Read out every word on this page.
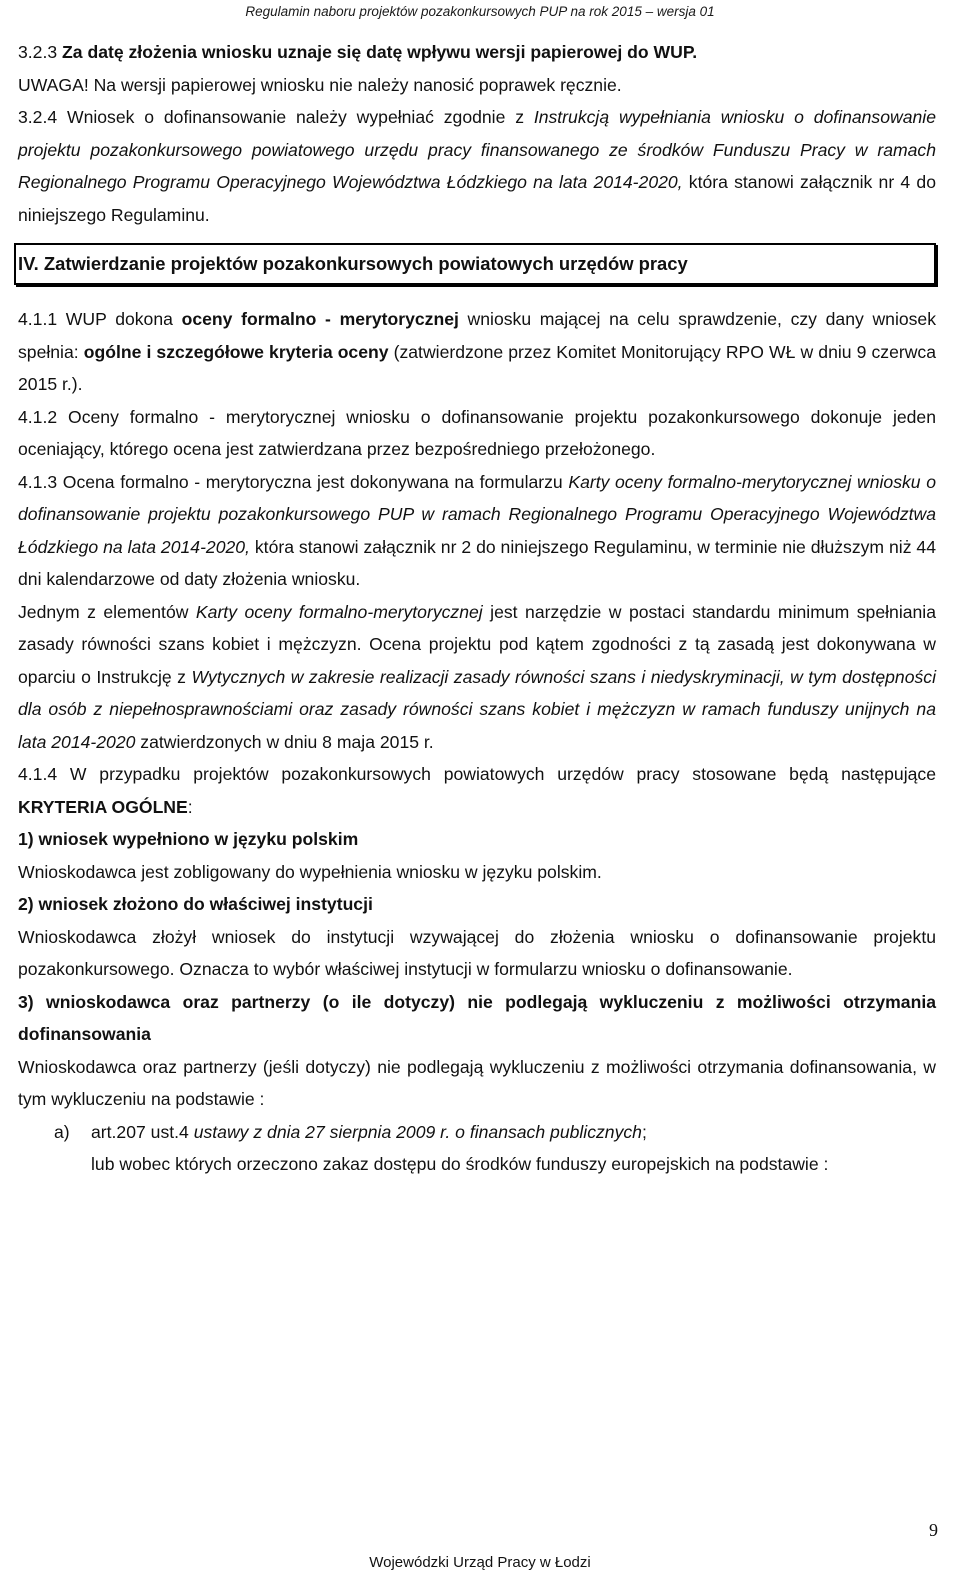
Regulamin naboru projektów pozakonkursowych PUP na rok 2015 – wersja 01

3.2.3 Za datę złożenia wniosku uznaje się datę wpływu wersji papierowej do WUP.

UWAGA! Na wersji papierowej wniosku nie należy nanosić poprawek ręcznie.

3.2.4 Wniosek o dofinansowanie należy wypełniać zgodnie z Instrukcją wypełniania wniosku o dofinansowanie projektu pozakonkursowego powiatowego urzędu pracy finansowanego ze środków Funduszu Pracy w ramach Regionalnego Programu Operacyjnego Województwa Łódzkiego na lata 2014-2020, która stanowi załącznik nr 4 do niniejszego Regulaminu.

IV. Zatwierdzanie projektów pozakonkursowych powiatowych urzędów pracy

4.1.1 WUP dokona oceny formalno - merytorycznej wniosku mającej na celu sprawdzenie, czy dany wniosek spełnia: ogólne i szczegółowe kryteria oceny (zatwierdzone przez Komitet Monitorujący RPO WŁ w dniu 9 czerwca 2015 r.).

4.1.2 Oceny formalno - merytorycznej wniosku o dofinansowanie projektu pozakonkursowego dokonuje jeden oceniający, którego ocena jest zatwierdzana przez bezpośredniego przełożonego.

4.1.3 Ocena formalno - merytoryczna jest dokonywana na formularzu Karty oceny formalno-merytorycznej wniosku o dofinansowanie projektu pozakonkursowego PUP w ramach Regionalnego Programu Operacyjnego Województwa Łódzkiego na lata 2014-2020, która stanowi załącznik nr 2 do niniejszego Regulaminu, w terminie nie dłuższym niż 44 dni kalendarzowe od daty złożenia wniosku.

Jednym z elementów Karty oceny formalno-merytorycznej jest narzędzie w postaci standardu minimum spełniania zasady równości szans kobiet i mężczyzn. Ocena projektu pod kątem zgodności z tą zasadą jest dokonywana w oparciu o Instrukcję z Wytycznych w zakresie realizacji zasady równości szans i niedyskryminacji, w tym dostępności dla osób z niepełnosprawnościami oraz zasady równości szans kobiet i mężczyzn w ramach funduszy unijnych na lata 2014-2020 zatwierdzonych w dniu 8 maja 2015 r.

4.1.4 W przypadku projektów pozakonkursowych powiatowych urzędów pracy stosowane będą następujące KRYTERIA OGÓLNE:

1) wniosek wypełniono w języku polskim

Wnioskodawca jest zobligowany do wypełnienia wniosku w języku polskim.

2) wniosek złożono do właściwej instytucji

Wnioskodawca złożył wniosek do instytucji wzywającej do złożenia wniosku o dofinansowanie projektu pozakonkursowego. Oznacza to wybór właściwej instytucji w formularzu wniosku o dofinansowanie.

3) wnioskodawca oraz partnerzy (o ile dotyczy) nie podlegają wykluczeniu z możliwości otrzymania dofinansowania

Wnioskodawca oraz partnerzy (jeśli dotyczy) nie podlegają wykluczeniu z możliwości otrzymania dofinansowania, w tym wykluczeniu na podstawie :

a) art.207 ust.4 ustawy z dnia 27 sierpnia 2009 r. o finansach publicznych;
lub wobec których orzeczono zakaz dostępu do środków funduszy europejskich na podstawie :
9
Wojewódzki Urząd Pracy w Łodzi
